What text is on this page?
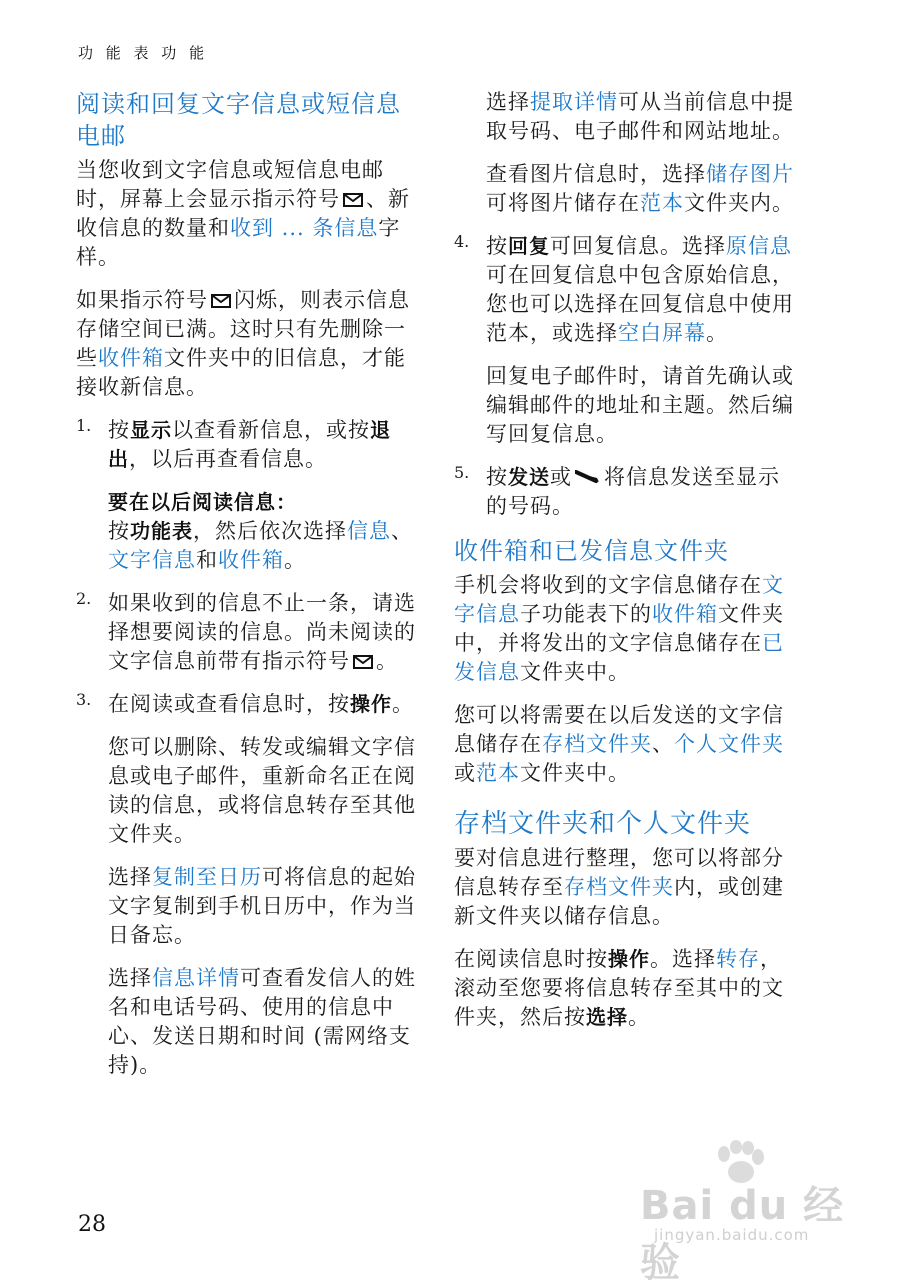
功 能 表 功 能
阅读和回复文字信息或短信息
电邮

当您收到文字信息或短信息电邮时，屏幕上会显示指示符号 、新收信息的数量和收到 ... 条信息字样。

如果指示符号 闪烁，则表示信息存储空间已满。这时只有先删除一些收件箱文件夹中的旧信息，才能接收新信息。

1. 按显示以查看新信息，或按退出，以后再查看信息。

要在以后阅读信息：
按功能表，然后依次选择信息、文字信息和收件箱。

2. 如果收到的信息不止一条，请选择想要阅读的信息。尚未阅读的文字信息前带有指示符号 。

3. 在阅读或查看信息时，按操作。

您可以删除、转发或编辑文字信息或电子邮件，重新命名正在阅读的信息，或将信息转存至其他文件夹。

选择复制至日历可将信息的起始文字复制到手机日历中，作为当日备忘。

选择信息详情可查看发信人的姓名和电话号码、使用的信息中心、发送日期和时间 (需网络支持)。

选择提取详情可从当前信息中提取号码、电子邮件和网站地址。

查看图片信息时，选择储存图片可将图片储存在范本文件夹内。

4. 按回复可回复信息。选择原信息可在回复信息中包含原始信息，您也可以选择在回复信息中使用范本，或选择空白屏幕。

回复电子邮件时，请首先确认或编辑邮件的地址和主题。然后编写回复信息。

5. 按发送或 将信息发送至显示的号码。

收件箱和已发信息文件夹

手机会将收到的文字信息储存在文字信息子功能表下的收件箱文件夹中，并将发出的文字信息储存在已发信息文件夹中。

您可以将需要在以后发送的文字信息储存在存档文件夹、个人文件夹或范本文件夹中。

存档文件夹和个人文件夹

要对信息进行整理，您可以将部分信息转存至存档文件夹内，或创建新文件夹以储存信息。

在阅读信息时按操作。选择转存，滚动至您要将信息转存至其中的文件夹，然后按选择。

28	Bai du 经验
jingyan.baidu.com
